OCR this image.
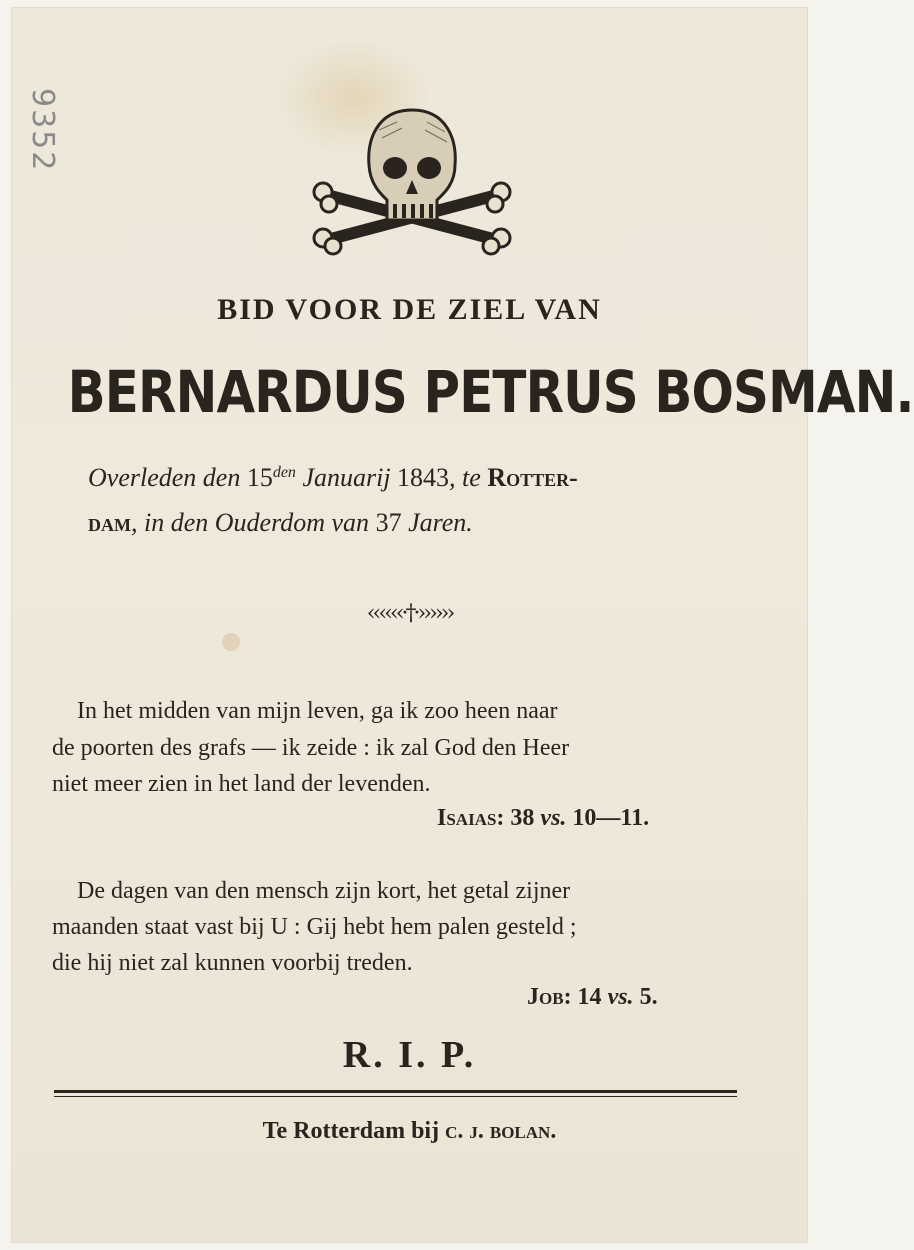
9352
BID VOOR DE ZIEL VAN
BERNARDUS PETRUS BOSMAN.
Overleden den $15^{den}$ Januarij 1843, te Rotter-
dam, in den Ouderdom van 37 Jaren.
‹‹‹‹‹‹·†·››››››
In het midden van mijn leven, ga ik zoo heen naar
de poorten des grafs — ik zeide : ik zal God den Heer
niet meer zien in het land der levenden.
Isaias: 38 vs. 10—11.
De dagen van den mensch zijn kort, het getal zijner
maanden staat vast bij U : Gij hebt hem palen gesteld ;
die hij niet zal kunnen voorbij treden.
Job: 14 vs. 5.
R. I. P.
Te Rotterdam bij c. j. bolan.
